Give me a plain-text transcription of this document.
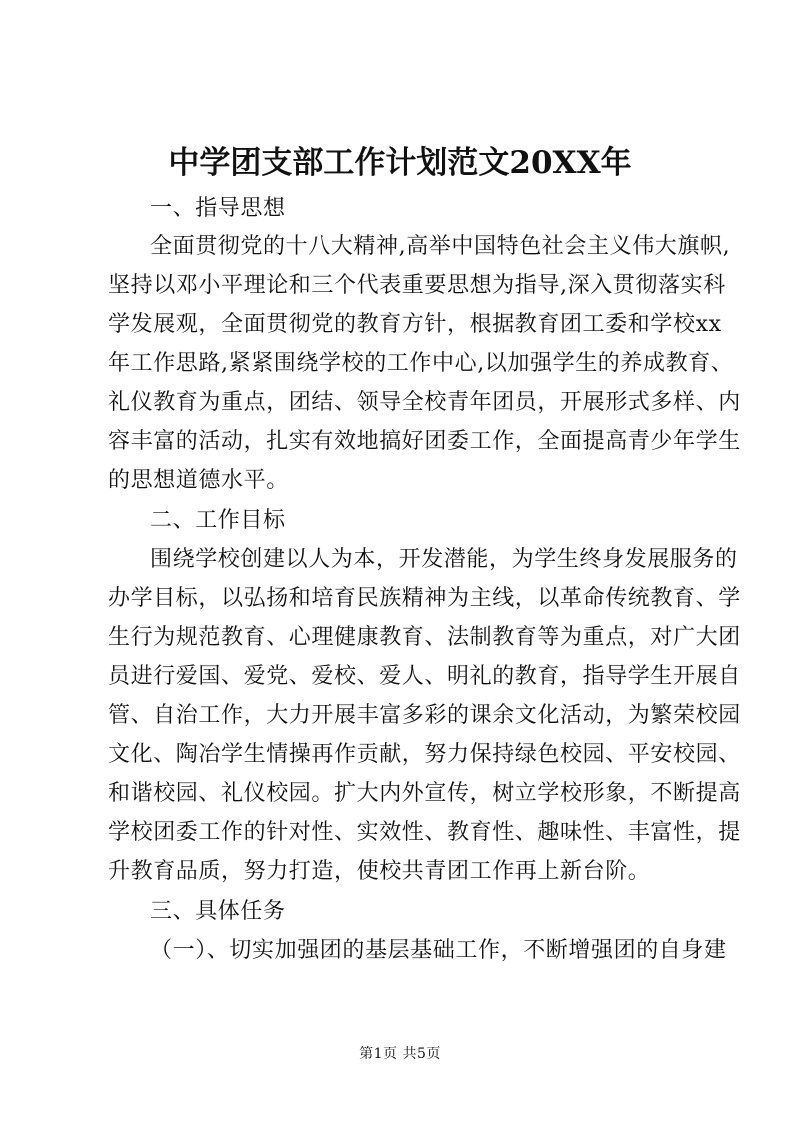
中学团支部工作计划范文20XX年
一、指导思想
全面贯彻党的十八大精神,高举中国特色社会主义伟大旗帜,
坚持以邓小平理论和三个代表重要思想为指导,深入贯彻落实科
学发展观，全面贯彻党的教育方针，根据教育团工委和学校xx
年工作思路,紧紧围绕学校的工作中心,以加强学生的养成教育、
礼仪教育为重点，团结、领导全校青年团员，开展形式多样、内
容丰富的活动，扎实有效地搞好团委工作，全面提高青少年学生
的思想道德水平。
二、工作目标
围绕学校创建以人为本，开发潜能，为学生终身发展服务的
办学目标，以弘扬和培育民族精神为主线，以革命传统教育、学
生行为规范教育、心理健康教育、法制教育等为重点，对广大团
员进行爱国、爱党、爱校、爱人、明礼的教育，指导学生开展自
管、自治工作，大力开展丰富多彩的课余文化活动，为繁荣校园
文化、陶冶学生情操再作贡献，努力保持绿色校园、平安校园、
和谐校园、礼仪校园。扩大内外宣传，树立学校形象，不断提高
学校团委工作的针对性、实效性、教育性、趣味性、丰富性，提
升教育品质，努力打造，使校共青团工作再上新台阶。
三、具体任务
（一）、切实加强团的基层基础工作，不断增强团的自身建
第1页 共5页
